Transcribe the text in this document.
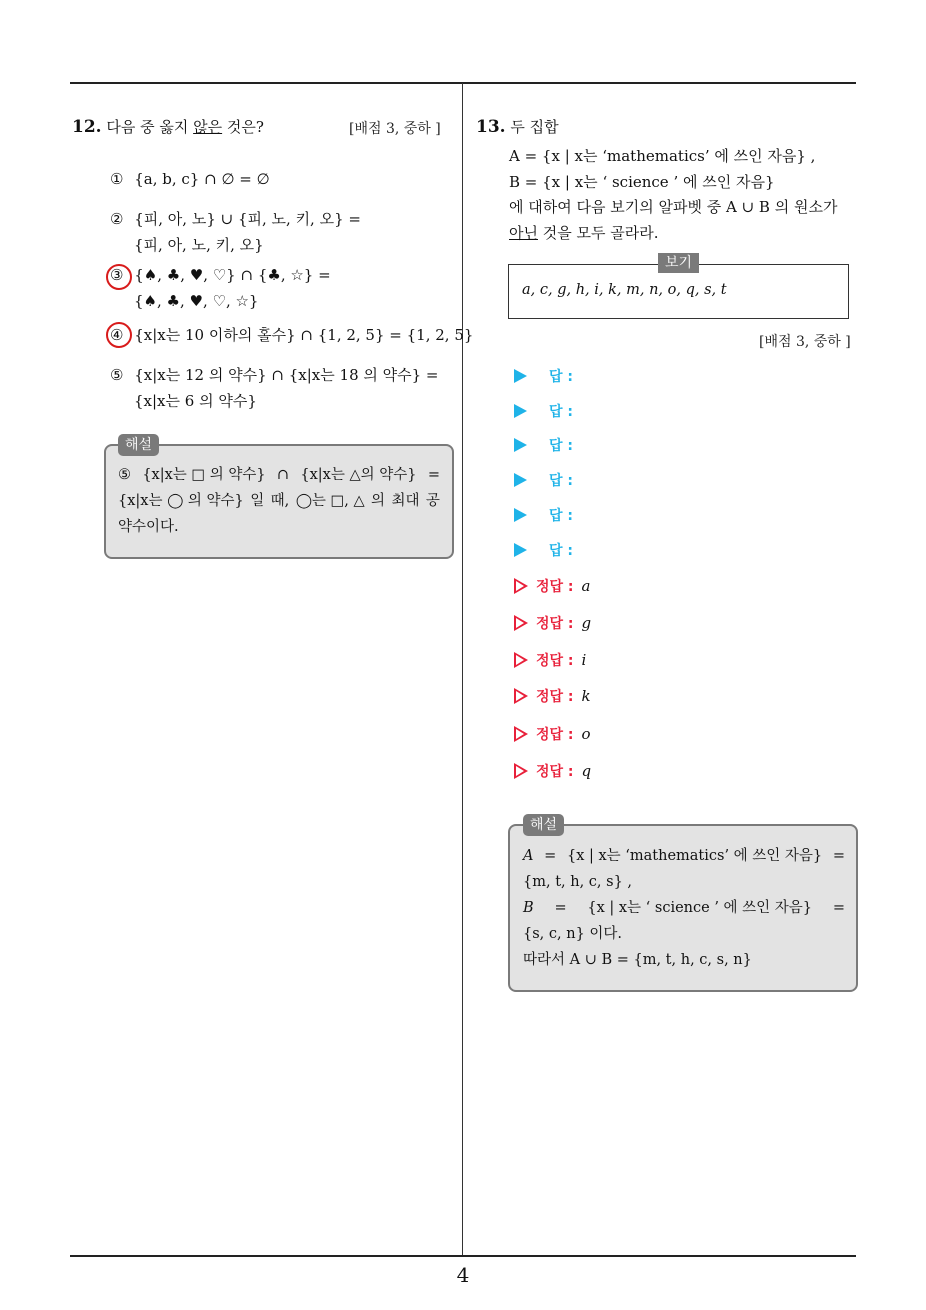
4
12. 다음 중 옳지 않은 것은?	[배점 3, 중하 ]
① {a, b, c} ∩ ∅ = ∅
② {피, 아, 노} ∪ {피, 노, 키, 오} =
{피, 아, 노, 키, 오}
③ {♠, ♣, ♥, ♡} ∩ {♣, ☆} =
{♠, ♣, ♥, ♡, ☆}
④ {x|x는 10 이하의 홀수} ∩ {1, 2, 5} = {1, 2, 5}
⑤ {x|x는 12 의 약수} ∩ {x|x는 18 의 약수} =
{x|x는 6 의 약수}
⑤ {x|x는 □ 의 약수} ∩ {x|x는 △의 약수} =
{x|x는 ◯ 의 약수} 일 때, ◯는 □, △ 의 최대 공
약수이다.
해설
13. 두 집합
A = {x | x는 ‘mathematics’ 에 쓰인 자음} ,
B = {x | x는 ‘ science ’ 에 쓰인 자음}
에 대하여 다음 보기의 알파벳 중 A ∪ B 의 원소가
아닌 것을 모두 골라라.
a, c, g, h, i, k, m, n, o, q, s, t
보기
[배점 3, 중하 ]
답 :
답 :
답 :
답 :
답 :
답 :
정답 : a
정답 : g
정답 : i
정답 : k
정답 : o
정답 : q
A = {x | x는 ‘mathematics’ 에 쓰인 자음} =
{m, t, h, c, s} ,
B = {x | x는 ‘ science ’ 에 쓰인 자음} =
{s, c, n} 이다.
따라서 A ∪ B = {m, t, h, c, s, n}
해설
